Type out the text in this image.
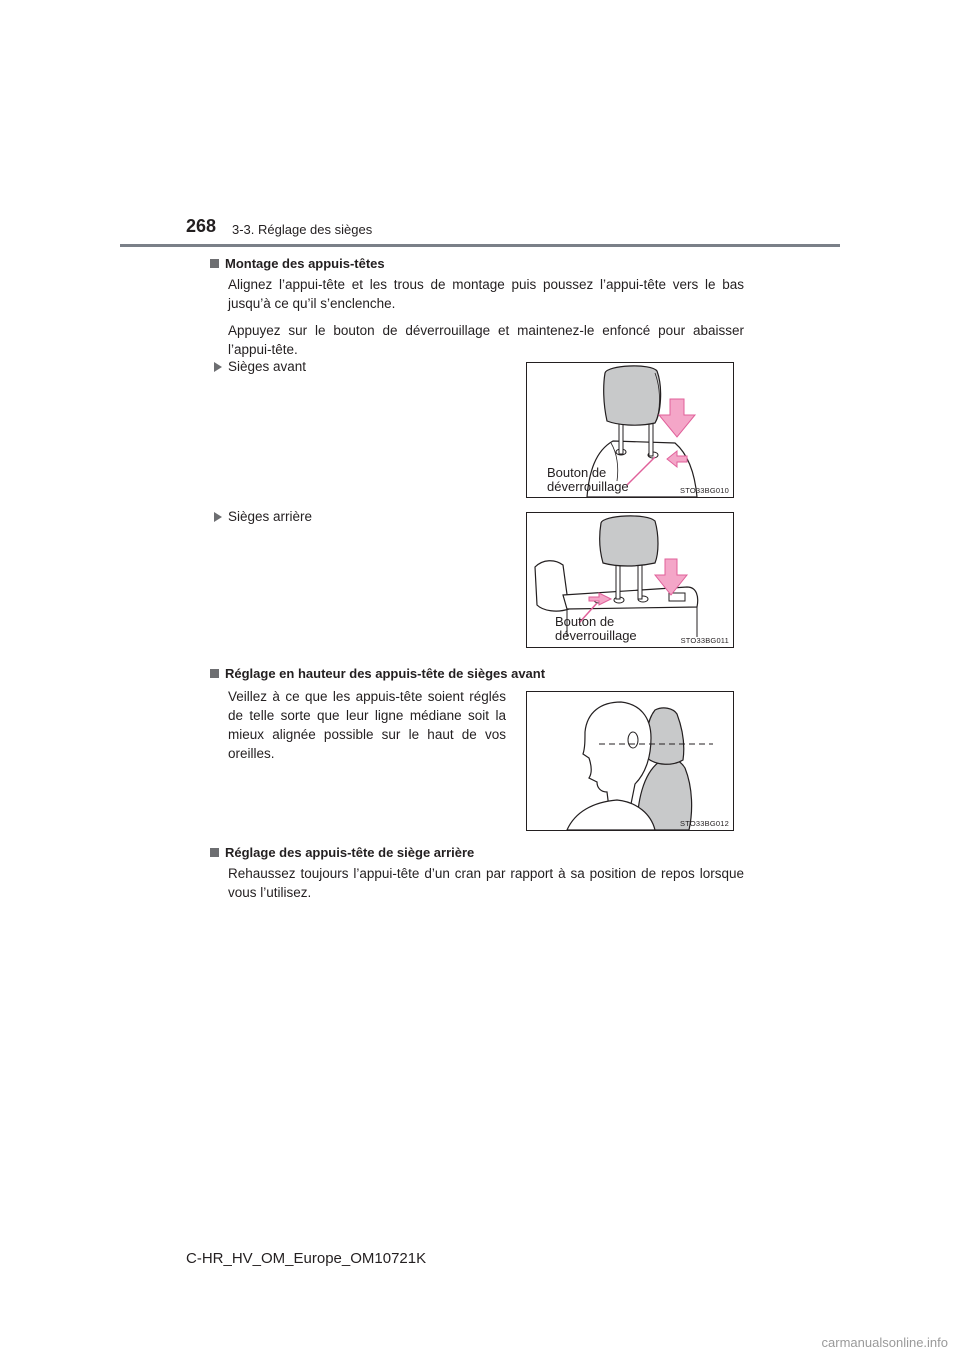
268 3-3. Réglage des sièges
Montage des appuis-têtes
Alignez l’appui-tête et les trous de montage puis poussez l’appui-tête vers le bas jusqu’à ce qu’il s’enclenche.
Appuyez sur le bouton de déverrouillage et maintenez-le enfoncé pour abaisser l’appui-tête.
Sièges avant
Bouton de
déverrouillage	STO33BG010
Sièges arrière
Bouton de
déverrouillage	STO33BG011
Réglage en hauteur des appuis-tête de sièges avant
Veillez à ce que les appuis-tête soient réglés de telle sorte que leur ligne médiane soit la mieux alignée possible sur le haut de vos oreilles.
STO33BG012
Réglage des appuis-tête de siège arrière
Rehaussez toujours l’appui-tête d’un cran par rapport à sa position de repos lorsque vous l’utilisez.
C-HR_HV_OM_Europe_OM10721K
carmanualsonline.info
